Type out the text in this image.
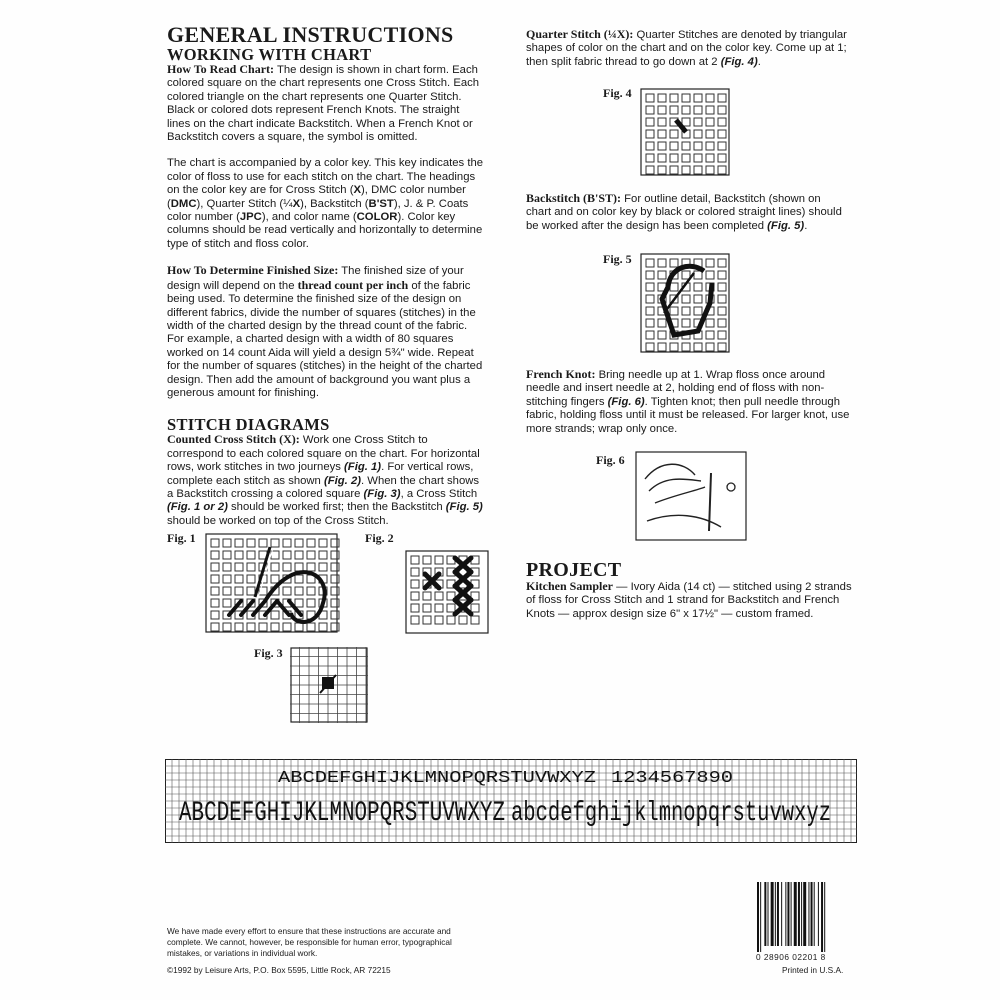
GENERAL INSTRUCTIONS
WORKING WITH CHART

How To Read Chart: The design is shown in chart form. Each colored square on the chart represents one Cross Stitch. Each colored triangle on the chart represents one Quarter Stitch. Black or colored dots represent French Knots. The straight lines on the chart indicate Backstitch. When a French Knot or Backstitch covers a square, the symbol is omitted.

The chart is accompanied by a color key. This key indicates the color of floss to use for each stitch on the chart. The headings on the color key are for Cross Stitch (X), DMC color number (DMC), Quarter Stitch (¼X), Backstitch (B'ST), J. & P. Coats color number (JPC), and color name (COLOR). Color key columns should be read vertically and horizontally to determine type of stitch and floss color.

How To Determine Finished Size: The finished size of your design will depend on the thread count per inch of the fabric being used. To determine the finished size of the design on different fabrics, divide the number of squares (stitches) in the width of the charted design by the thread count of the fabric. For example, a charted design with a width of 80 squares worked on 14 count Aida will yield a design 5¾" wide. Repeat for the number of squares (stitches) in the height of the charted design. Then add the amount of background you want plus a generous amount for finishing.

STITCH DIAGRAMS

Counted Cross Stitch (X): Work one Cross Stitch to correspond to each colored square on the chart. For horizontal rows, work stitches in two journeys (Fig. 1). For vertical rows, complete each stitch as shown (Fig. 2). When the chart shows a Backstitch crossing a colored square (Fig. 3), a Cross Stitch (Fig. 1 or 2) should be worked first; then the Backstitch (Fig. 5) should be worked on top of the Cross Stitch.

Quarter Stitch (¼X): Quarter Stitches are denoted by triangular shapes of color on the chart and on the color key. Come up at 1; then split fabric thread to go down at 2 (Fig. 4).

Backstitch (B'ST): For outline detail, Backstitch (shown on chart and on color key by black or colored straight lines) should be worked after the design has been completed (Fig. 5).

French Knot: Bring needle up at 1. Wrap floss once around needle and insert needle at 2, holding end of floss with non-stitching fingers (Fig. 6). Tighten knot; then pull needle through fabric, holding floss until it must be released. For larger knot, use more strands; wrap only once.

PROJECT

Kitchen Sampler — Ivory Aida (14 ct) — stitched using 2 strands of floss for Cross Stitch and 1 strand for Backstitch and French Knots — approx design size 6" x 17½" — custom framed.

Fig. 1	Fig. 2
Fig. 3
Fig. 4
Fig. 5
Fig. 6
ABCDEFGHIJKLMNOPQRSTUVWXYZ 1234567890
ABCDEFGHIJKLMNOPQRSTUVWXYZ abcdefghijklmnopqrstuvwxyz
We have made every effort to ensure that these instructions are accurate and
complete. We cannot, however, be responsible for human error, typographical
mistakes, or variations in individual work.
©1992 by Leisure Arts, P.O. Box 5595, Little Rock, AR 72215
0 28906 02201 8
Printed in U.S.A.
